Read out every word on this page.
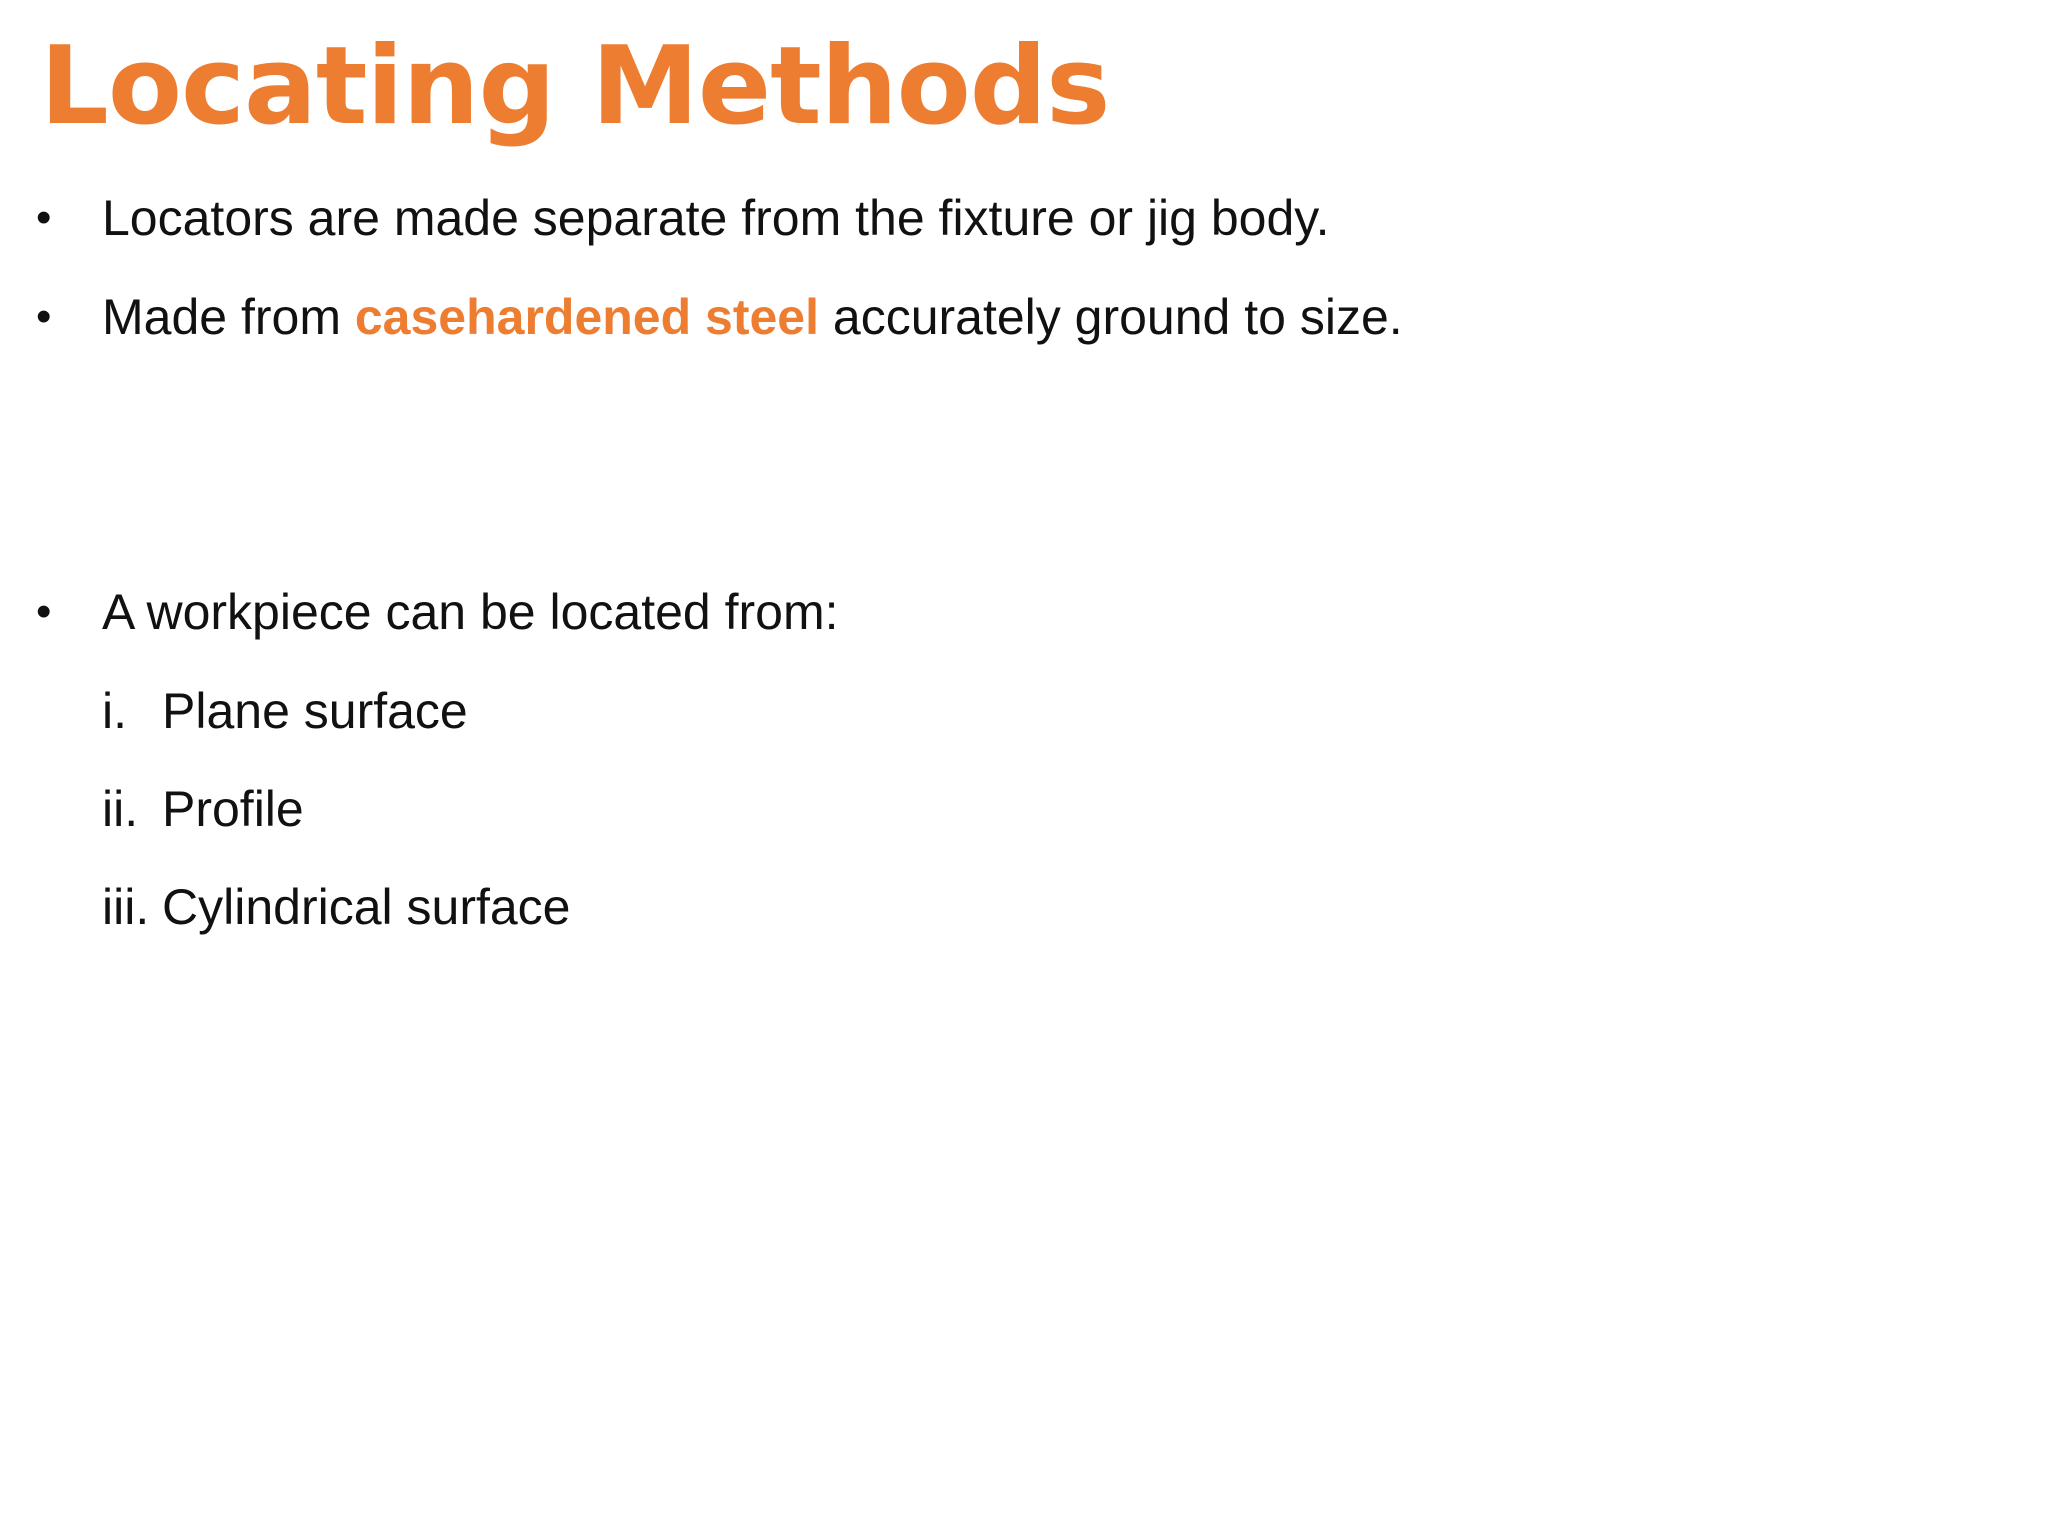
Locating Methods
• Locators are made separate from the fixture or jig body.
• Made from casehardened steel accurately ground to size.
• A workpiece can be located from:
i. Plane surface
ii. Profile
iii. Cylindrical surface
